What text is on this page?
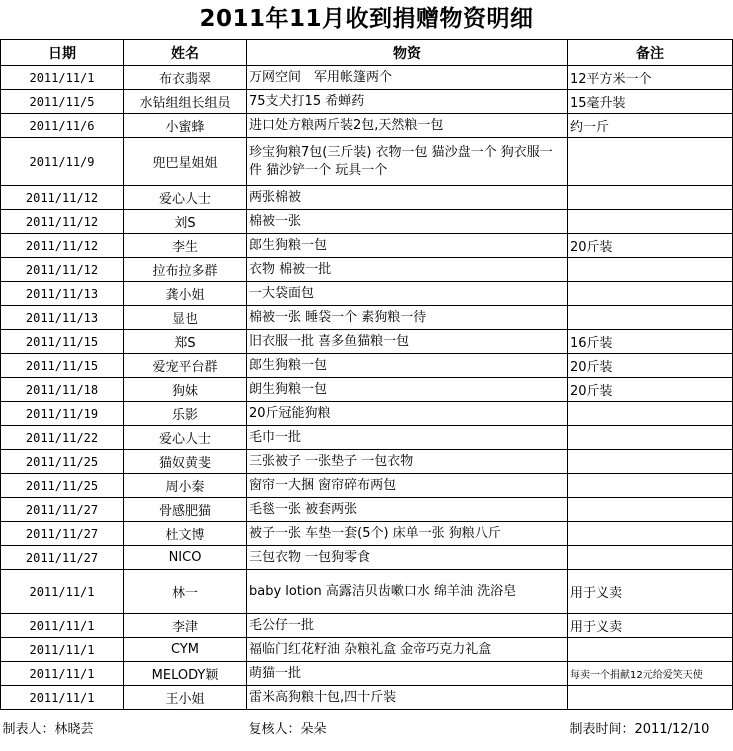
2011年11月收到捐赠物资明细
日期	姓名	物资	备注
2011/11/1	布衣翡翠	万网空间　军用帐篷两个	12平方米一个
2011/11/5	水钻组组长组员	75支犬打15 希蝉药	15毫升装
2011/11/6	小蜜蜂	进口处方粮两斤装2包,天然粮一包	约一斤
2011/11/9	兜巴星姐姐	珍宝狗粮7包(三斤装) 衣物一包 猫沙盘一个 狗衣服一件 猫沙铲一个 玩具一个	
2011/11/12	爱心人士	两张棉被	
2011/11/12	刘S	棉被一张	
2011/11/12	李生	郎生狗粮一包	20斤装
2011/11/12	拉布拉多群	衣物 棉被一批	
2011/11/13	龚小姐	一大袋面包	
2011/11/13	显也	棉被一张 睡袋一个 素狗粮一待	
2011/11/15	郑S	旧衣服一批 喜多鱼猫粮一包	16斤装
2011/11/15	爱宠平台群	郎生狗粮一包	20斤装
2011/11/18	狗妹	朗生狗粮一包	20斤装
2011/11/19	乐影	20斤冠能狗粮	
2011/11/22	爱心人士	毛巾一批	
2011/11/25	猫奴黄斐	三张被子 一张垫子 一包衣物	
2011/11/25	周小秦	窗帘一大捆 窗帘碎布两包	
2011/11/27	骨感肥猫	毛毯一张 被套两张	
2011/11/27	杜文博	被子一张 车垫一套(5个) 床单一张 狗粮八斤	
2011/11/27	NICO	三包衣物 一包狗零食	
2011/11/1	林一	baby lotion 高露洁贝齿嗽口水 绵羊油 洗浴皂	用于义卖
2011/11/1	李津	毛公仔一批	用于义卖
2011/11/1	CYM	福临门红花籽油 杂粮礼盒 金帝巧克力礼盒	
2011/11/1	MELODY颖	萌猫一批	每卖一个捐献12元给爱笑天使
2011/11/1	王小姐	雷米高狗粮十包,四十斤装	
制表人：林晓芸		复核人：朵朵	制表时间：2011/12/10
